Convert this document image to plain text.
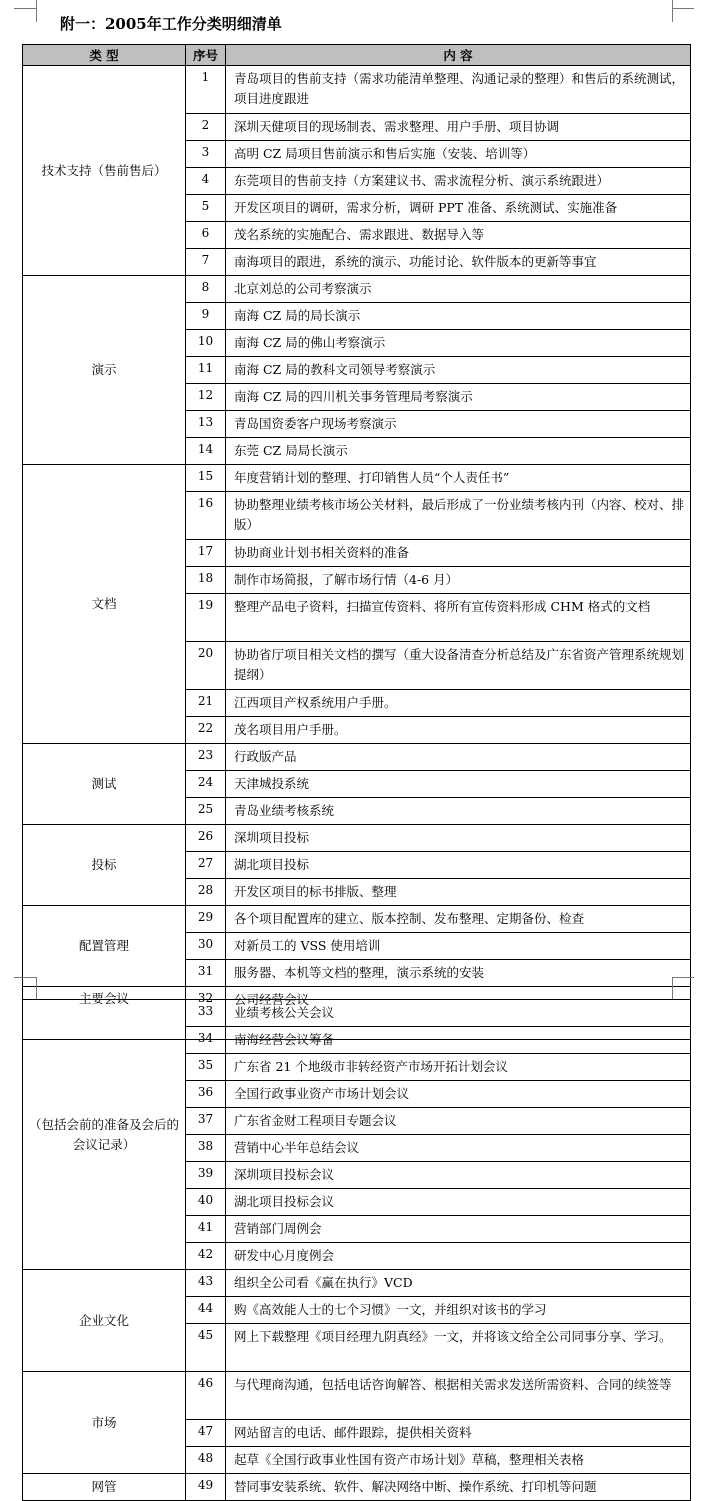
附一：2005年工作分类明细清单
类 型	序号	内 容
技术支持（售前售后）	1	青岛项目的售前支持（需求功能清单整理、沟通记录的整理）和售后的系统测试，项目进度跟进
	2	深圳天健项目的现场制表、需求整理、用户手册、项目协调
	3	高明 CZ 局项目售前演示和售后实施（安装、培训等）
	4	东莞项目的售前支持（方案建议书、需求流程分析、演示系统跟进）
	5	开发区项目的调研，需求分析，调研 PPT 准备、系统测试、实施准备
	6	茂名系统的实施配合、需求跟进、数据导入等
	7	南海项目的跟进，系统的演示、功能讨论、软件版本的更新等事宜
演示	8	北京刘总的公司考察演示
	9	南海 CZ 局的局长演示
	10	南海 CZ 局的佛山考察演示
	11	南海 CZ 局的教科文司领导考察演示
	12	南海 CZ 局的四川机关事务管理局考察演示
	13	青岛国资委客户现场考察演示
	14	东莞 CZ 局局长演示
文档	15	年度营销计划的整理、打印销售人员“个人责任书”
	16	协助整理业绩考核市场公关材料，最后形成了一份业绩考核内刊（内容、校对、排版）
	17	协助商业计划书相关资料的准备
	18	制作市场简报，了解市场行情（4-6 月）
	19	整理产品电子资料，扫描宣传资料、将所有宣传资料形成 CHM 格式的文档
	20	协助省厅项目相关文档的撰写（重大设备清查分析总结及广东省资产管理系统规划提纲）
	21	江西项目产权系统用户手册。
	22	茂名项目用户手册。
测试	23	行政版产品
	24	天津城投系统
	25	青岛业绩考核系统
投标	26	深圳项目投标
	27	湖北项目投标
	28	开发区项目的标书排版、整理
配置管理	29	各个项目配置库的建立、版本控制、发布整理、定期备份、检查
	30	对新员工的 VSS 使用培训
	31	服务器、本机等文档的整理，演示系统的安装
主要会议	32	公司经营会议
（包括会前的准备及会后的会议记录）	33	业绩考核公关会议
	34	南海经营会议筹备
	35	广东省 21 个地级市非转经资产市场开拓计划会议
	36	全国行政事业资产市场计划会议
	37	广东省金财工程项目专题会议
	38	营销中心半年总结会议
	39	深圳项目投标会议
	40	湖北项目投标会议
	41	营销部门周例会
	42	研发中心月度例会
企业文化	43	组织全公司看《赢在执行》VCD
	44	购《高效能人士的七个习惯》一文，并组织对该书的学习
	45	网上下载整理《项目经理九阴真经》一文，并将该文给全公司同事分享、学习。
市场	46	与代理商沟通，包括电话咨询解答、根据相关需求发送所需资料、合同的续签等
	47	网站留言的电话、邮件跟踪，提供相关资料
	48	起草《全国行政事业性国有资产市场计划》草稿，整理相关表格
网管	49	替同事安装系统、软件、解决网络中断、操作系统、打印机等问题
